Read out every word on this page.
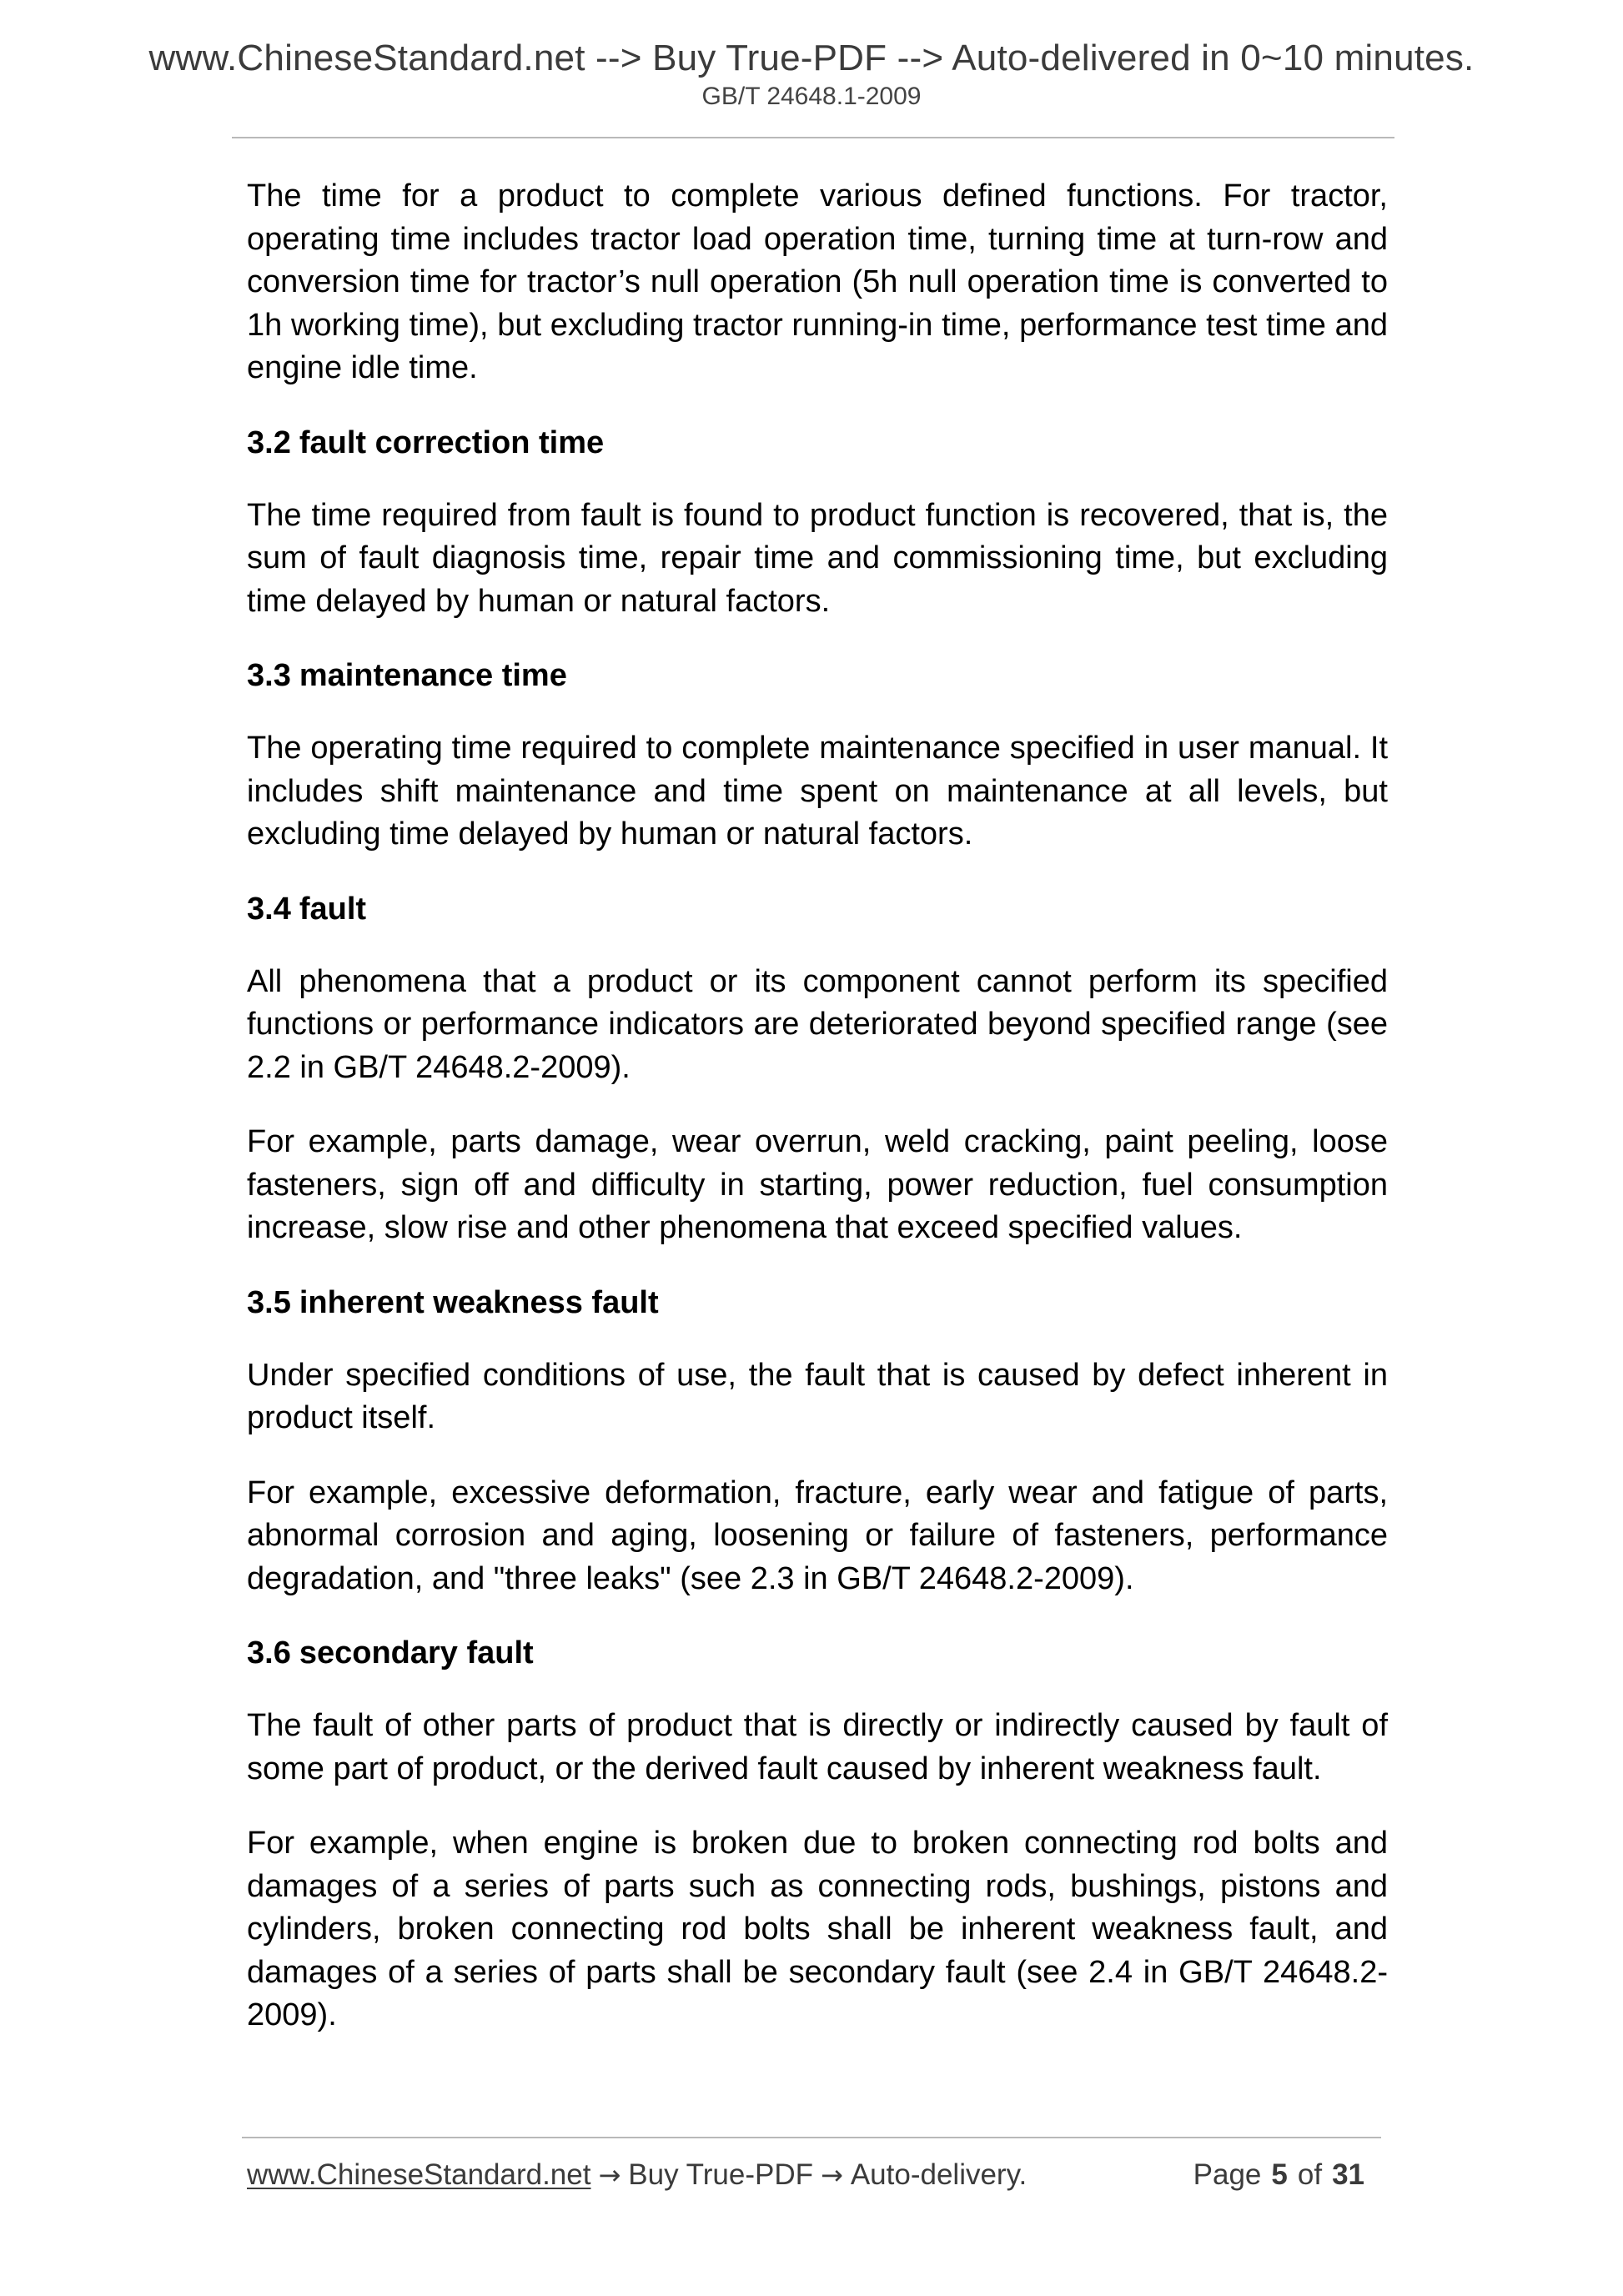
www.ChineseStandard.net --> Buy True-PDF --> Auto-delivered in 0~10 minutes.
GB/T 24648.1-2009

The time for a product to complete various defined functions. For tractor, operating time includes tractor load operation time, turning time at turn-row and conversion time for tractor’s null operation (5h null operation time is converted to 1h working time), but excluding tractor running-in time, performance test time and engine idle time.

3.2 fault correction time

The time required from fault is found to product function is recovered, that is, the sum of fault diagnosis time, repair time and commissioning time, but excluding time delayed by human or natural factors.

3.3 maintenance time

The operating time required to complete maintenance specified in user manual. It includes shift maintenance and time spent on maintenance at all levels, but excluding time delayed by human or natural factors.

3.4 fault

All phenomena that a product or its component cannot perform its specified functions or performance indicators are deteriorated beyond specified range (see 2.2 in GB/T 24648.2-2009).

For example, parts damage, wear overrun, weld cracking, paint peeling, loose fasteners, sign off and difficulty in starting, power reduction, fuel consumption increase, slow rise and other phenomena that exceed specified values.

3.5 inherent weakness fault

Under specified conditions of use, the fault that is caused by defect inherent in product itself.

For example, excessive deformation, fracture, early wear and fatigue of parts, abnormal corrosion and aging, loosening or failure of fasteners, performance degradation, and "three leaks" (see 2.3 in GB/T 24648.2-2009).

3.6 secondary fault

The fault of other parts of product that is directly or indirectly caused by fault of some part of product, or the derived fault caused by inherent weakness fault.

For example, when engine is broken due to broken connecting rod bolts and damages of a series of parts such as connecting rods, bushings, pistons and cylinders, broken connecting rod bolts shall be inherent weakness fault, and damages of a series of parts shall be secondary fault (see 2.4 in GB/T 24648.2-2009).

www.ChineseStandard.net → Buy True-PDF → Auto-delivery.	Page 5 of 31
